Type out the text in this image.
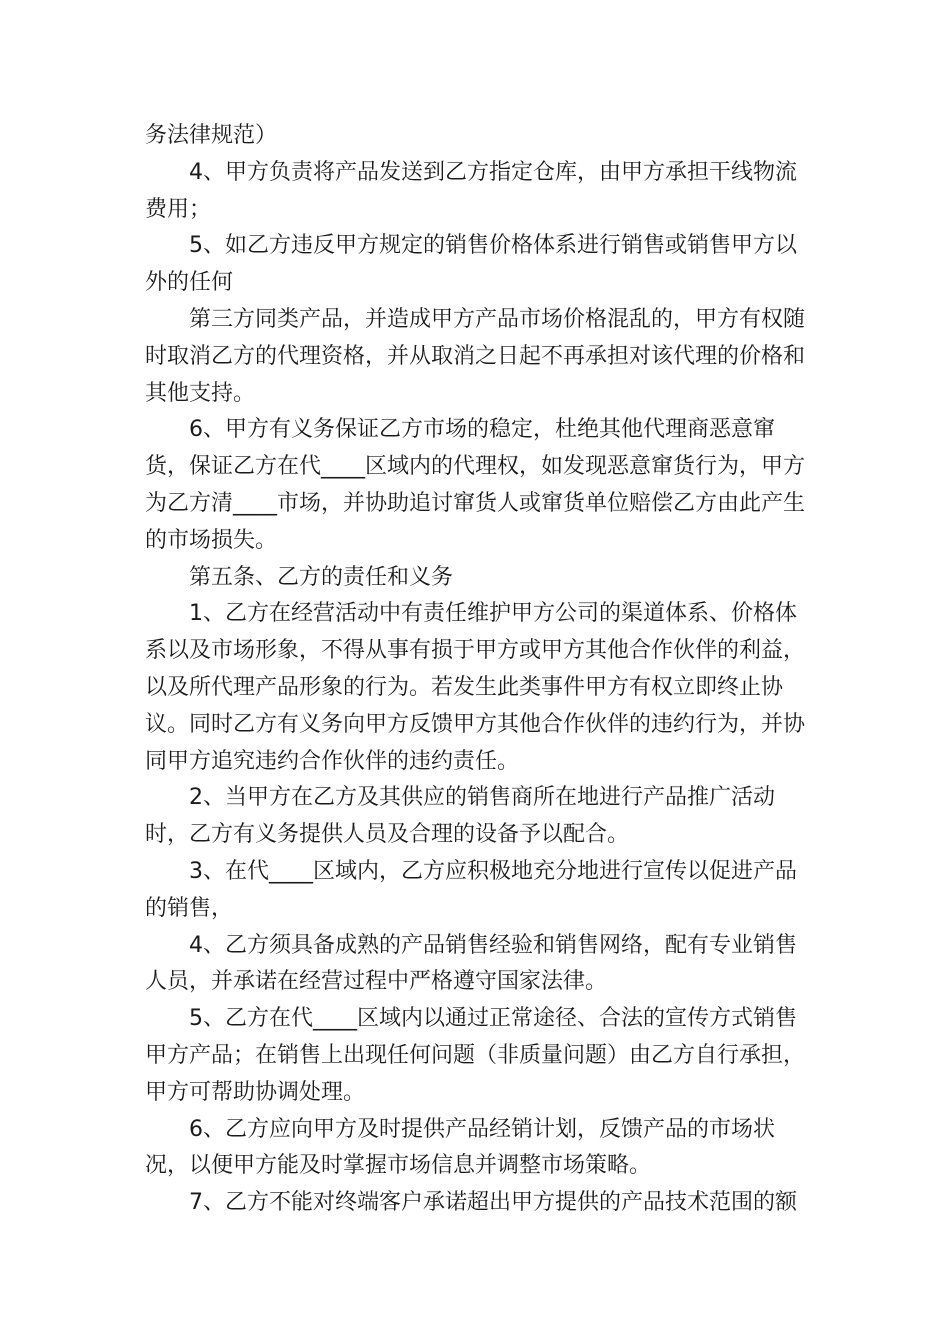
务法律规范）

4、甲方负责将产品发送到乙方指定仓库，由甲方承担干线物流费用；

5、如乙方违反甲方规定的销售价格体系进行销售或销售甲方以外的任何

第三方同类产品，并造成甲方产品市场价格混乱的，甲方有权随时取消乙方的代理资格，并从取消之日起不再承担对该代理的价格和其他支持。

6、甲方有义务保证乙方市场的稳定，杜绝其他代理商恶意窜货，保证乙方在代____区域内的代理权，如发现恶意窜货行为，甲方为乙方清____市场，并协助追讨窜货人或窜货单位赔偿乙方由此产生的市场损失。

第五条、乙方的责任和义务

1、乙方在经营活动中有责任维护甲方公司的渠道体系、价格体系以及市场形象，不得从事有损于甲方或甲方其他合作伙伴的利益，以及所代理产品形象的行为。若发生此类事件甲方有权立即终止协议。同时乙方有义务向甲方反馈甲方其他合作伙伴的违约行为，并协同甲方追究违约合作伙伴的违约责任。

2、当甲方在乙方及其供应的销售商所在地进行产品推广活动时，乙方有义务提供人员及合理的设备予以配合。

3、在代____区域内，乙方应积极地充分地进行宣传以促进产品的销售，

4、乙方须具备成熟的产品销售经验和销售网络，配有专业销售人员，并承诺在经营过程中严格遵守国家法律。

5、乙方在代____区域内以通过正常途径、合法的宣传方式销售甲方产品；在销售上出现任何问题（非质量问题）由乙方自行承担，甲方可帮助协调处理。

6、乙方应向甲方及时提供产品经销计划，反馈产品的市场状况，以便甲方能及时掌握市场信息并调整市场策略。

7、乙方不能对终端客户承诺超出甲方提供的产品技术范围的额
